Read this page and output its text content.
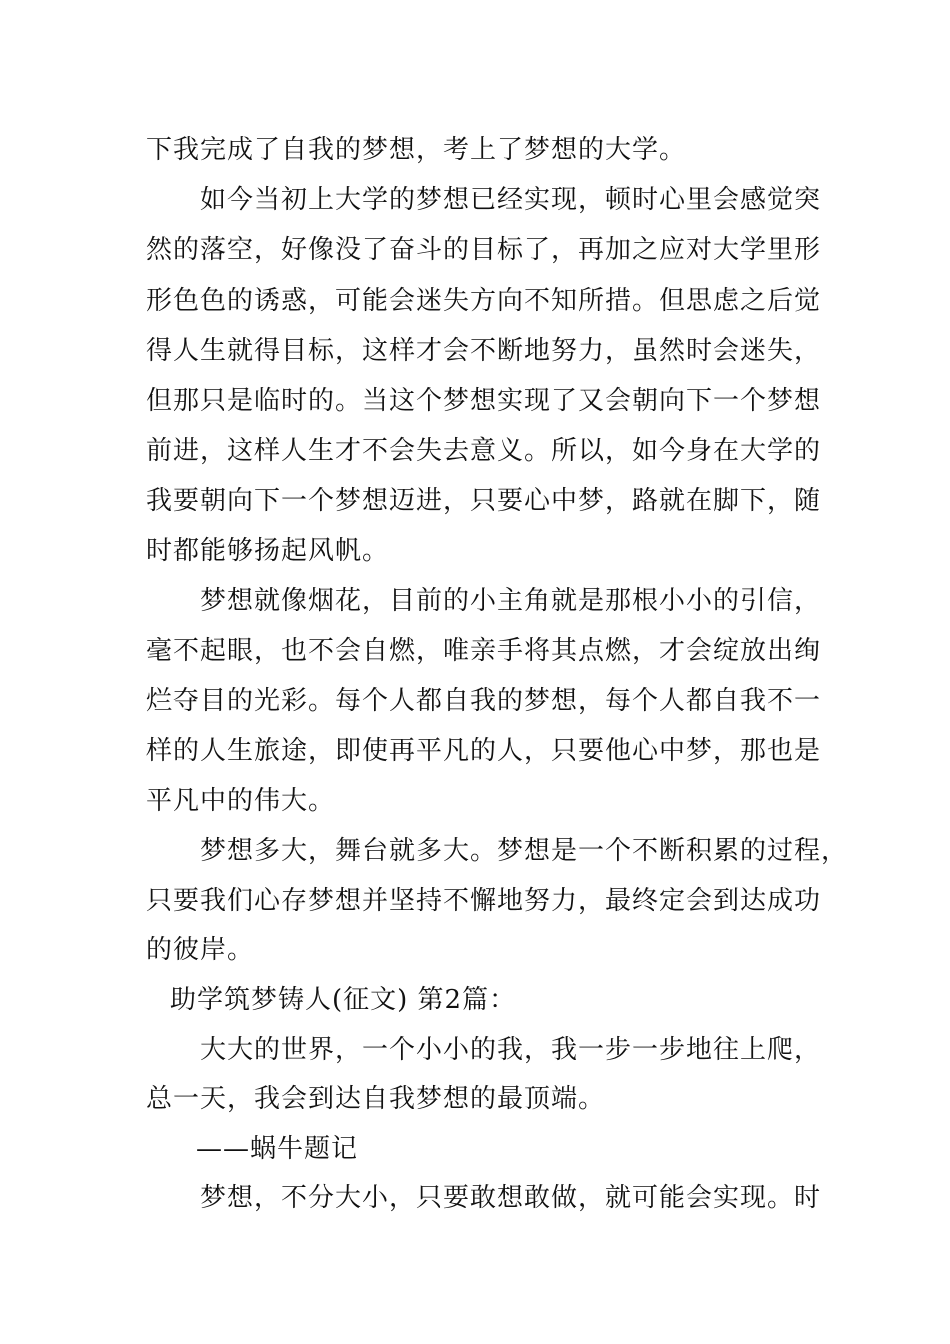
下我完成了自我的梦想，考上了梦想的大学。
如今当初上大学的梦想已经实现，顿时心里会感觉突
然的落空，好像没了奋斗的目标了，再加之应对大学里形
形色色的诱惑，可能会迷失方向不知所措。但思虑之后觉
得人生就得目标，这样才会不断地努力，虽然时会迷失，
但那只是临时的。当这个梦想实现了又会朝向下一个梦想
前进，这样人生才不会失去意义。所以，如今身在大学的
我要朝向下一个梦想迈进，只要心中梦，路就在脚下，随
时都能够扬起风帆。
梦想就像烟花，目前的小主角就是那根小小的引信，
毫不起眼，也不会自燃，唯亲手将其点燃，才会绽放出绚
烂夺目的光彩。每个人都自我的梦想，每个人都自我不一
样的人生旅途，即使再平凡的人，只要他心中梦，那也是
平凡中的伟大。
梦想多大，舞台就多大。梦想是一个不断积累的过程，
只要我们心存梦想并坚持不懈地努力，最终定会到达成功
的彼岸。
助学筑梦铸人(征文) 第2篇：
大大的世界，一个小小的我，我一步一步地往上爬，
总一天，我会到达自我梦想的最顶端。
——蜗牛题记
梦想，不分大小，只要敢想敢做，就可能会实现。时
